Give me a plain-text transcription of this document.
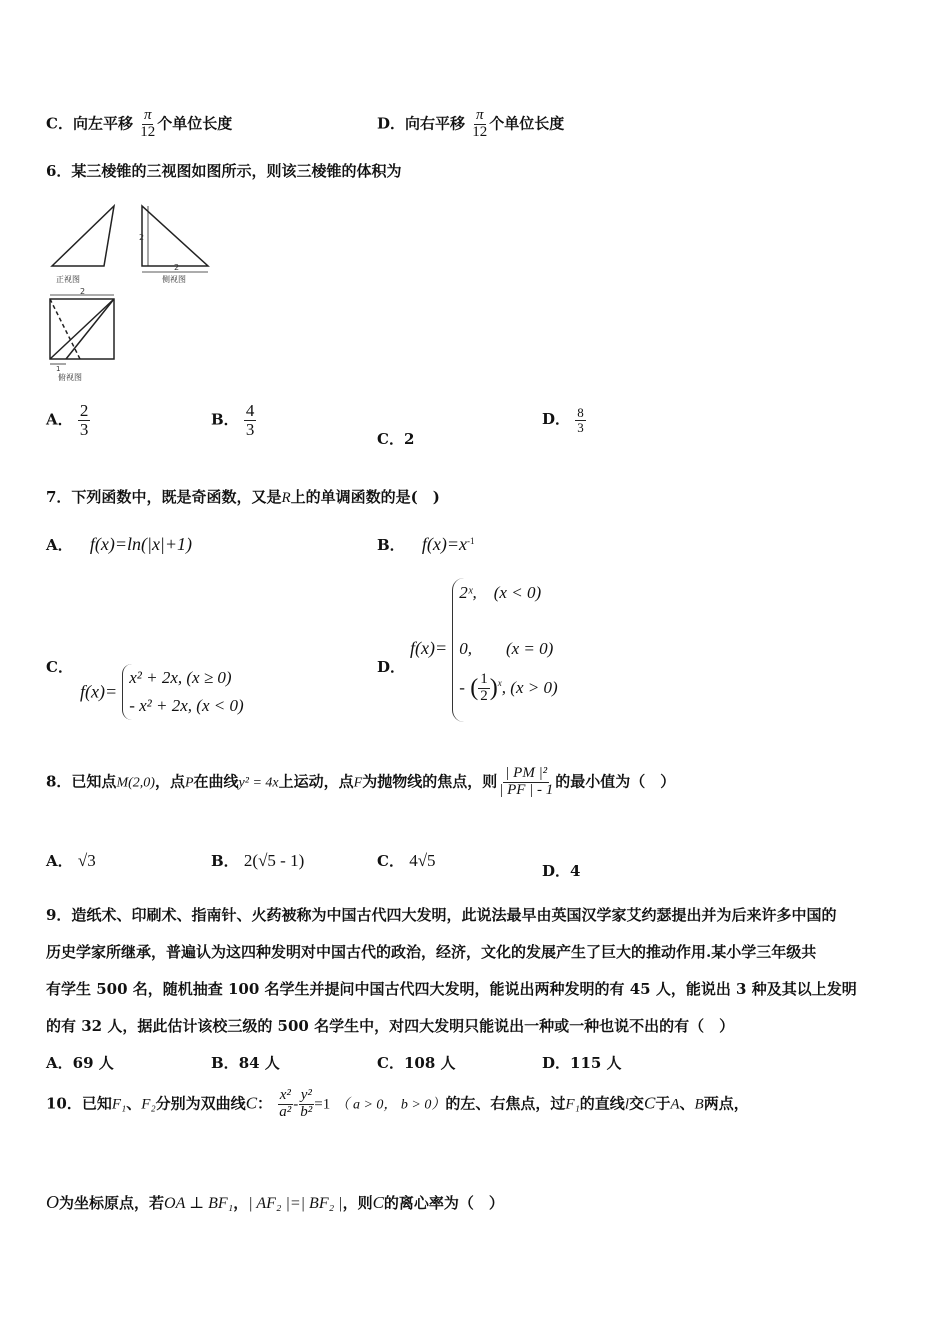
C．向左平移 $\frac{\pi}{12}$ 个单位长度	D．向右平移 $\frac{\pi}{12}$ 个单位长度
6．某三棱锥的三视图如图所示，则该三棱锥的体积为
正视图
2
2
侧视图
2
1
俯视图
A． $\frac{2}{3}$	B． $\frac{4}{3}$
C．2
D． $\frac{8}{3}$
7．下列函数中，既是奇函数，又是R上的单调函数的是(　)
A． f(x)=ln(|x|+1)	B． $f(x)=x^{-1}$
C．
f(x)=
x² + 2x, (x ≥ 0)
- x² + 2x, (x < 0)
D．
f(x)=
2ˣ,　(x < 0)
0,　　(x = 0)
- ( $\frac{1}{2} )^x$, (x > 0)
8．已知点M(2,0)，点P在曲线y² = 4x上运动，点F为抛物线的焦点，则 $\frac{\text{| PM |²}}{| PF | - 1}$ 的最小值为（　）
A． √3	B． 2(√5 - 1)	C． 4√5
D．4
9．造纸术、印刷术、指南针、火药被称为中国古代四大发明，此说法最早由英国汉学家艾约瑟提出并为后来许多中国的
历史学家所继承，普遍认为这四种发明对中国古代的政治，经济，文化的发展产生了巨大的推动作用.某小学三年级共
有学生 500 名，随机抽查 100 名学生并提问中国古代四大发明，能说出两种发明的有 45 人，能说出 3 种及其以上发明
的有 32 人，据此估计该校三级的 500 名学生中，对四大发明只能说出一种或一种也说不出的有（　）
A．69 人	B．84 人	C．108 人	D．115 人
10．已知F₁、F₂分别为双曲线C： $\frac{\text{x²}}{\text{a²}} - \frac{\text{y²}}{\text{b²}} =1$ （ a > 0， b > 0）的左、右焦点，过F₁的直线l交C于A、B两点，
O为坐标原点，若OA ⊥ BF₁，| AF₂ |=| BF₂ |，则C的离心率为（　）
